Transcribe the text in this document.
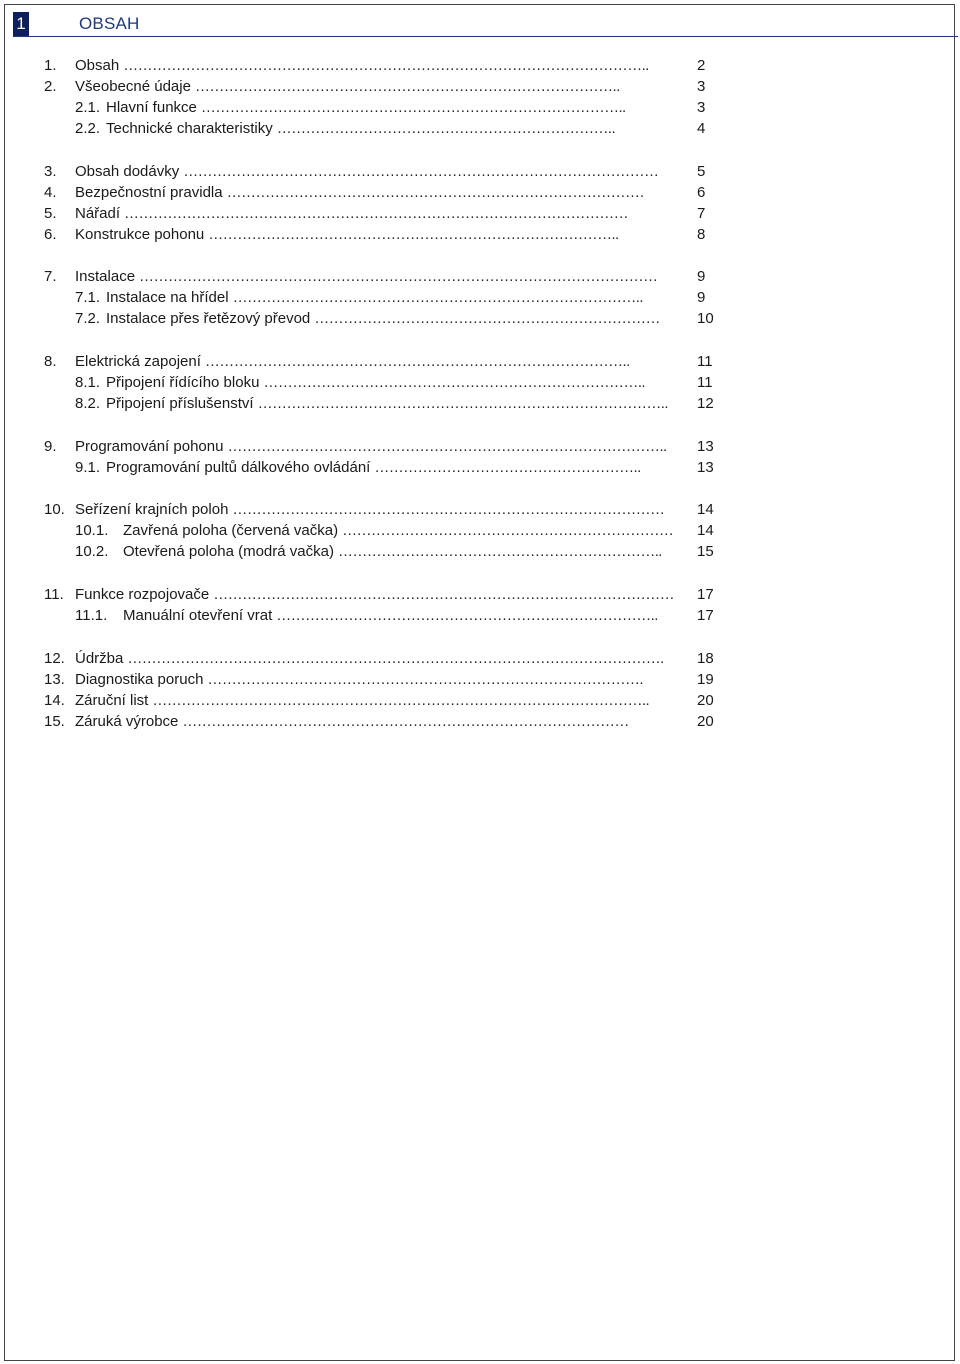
1	OBSAH
1. Obsah ………………………………………………………………………………………………..	2
2. Všeobecné údaje ……………………………………………………………………………..	3
2.1. Hlavní funkce ……………………………………………………………………………..	3
2.2. Technické charakteristiky ……………………………………………………………..	4
3. Obsah dodávky ………………………………………………………………………………………	5
4. Bezpečnostní pravidla ……………………………………………………………………………	6
5. Nářadí ……………………………………………………………………………………………	7
6. Konstrukce pohonu …………………………………………………………………………..	8
7. Instalace ………………………………………………………………………………………………	9
7.1. Instalace na hřídel …………………………………………………………………………..	9
7.2. Instalace přes řetězový převod ………………………………………………………………	10
8. Elektrická zapojení ……………………………………………………………………………..	11
8.1. Připojení řídícího bloku ……………………………………………………………………..	11
8.2. Připojení příslušenství …………………………………………………………………………..	12
9. Programování pohonu ………………………………………………………………………………..	13
9.1. Programování pultů dálkového ovládání ………………………………………………..	13
10. Seřízení krajních poloh ………………………………………………………………………………	14
10.1. Zavřená poloha (červená vačka) ……………………………………………………………	14
10.2. Otevřená poloha (modrá vačka) …………………………………………………………..	15
11. Funkce rozpojovače ……………………………………………………………………………………	17
11.1. Manuální otevření vrat ……………………………………………………………………..	17
12. Údržba ………………………………………………………………………………………………….	18
13. Diagnostika poruch ……………………………………………………………………………….	19
14. Záruční list …………………………………………………………………………………………..	20
15. Záruká výrobce …………………………………………………………………………………	20
